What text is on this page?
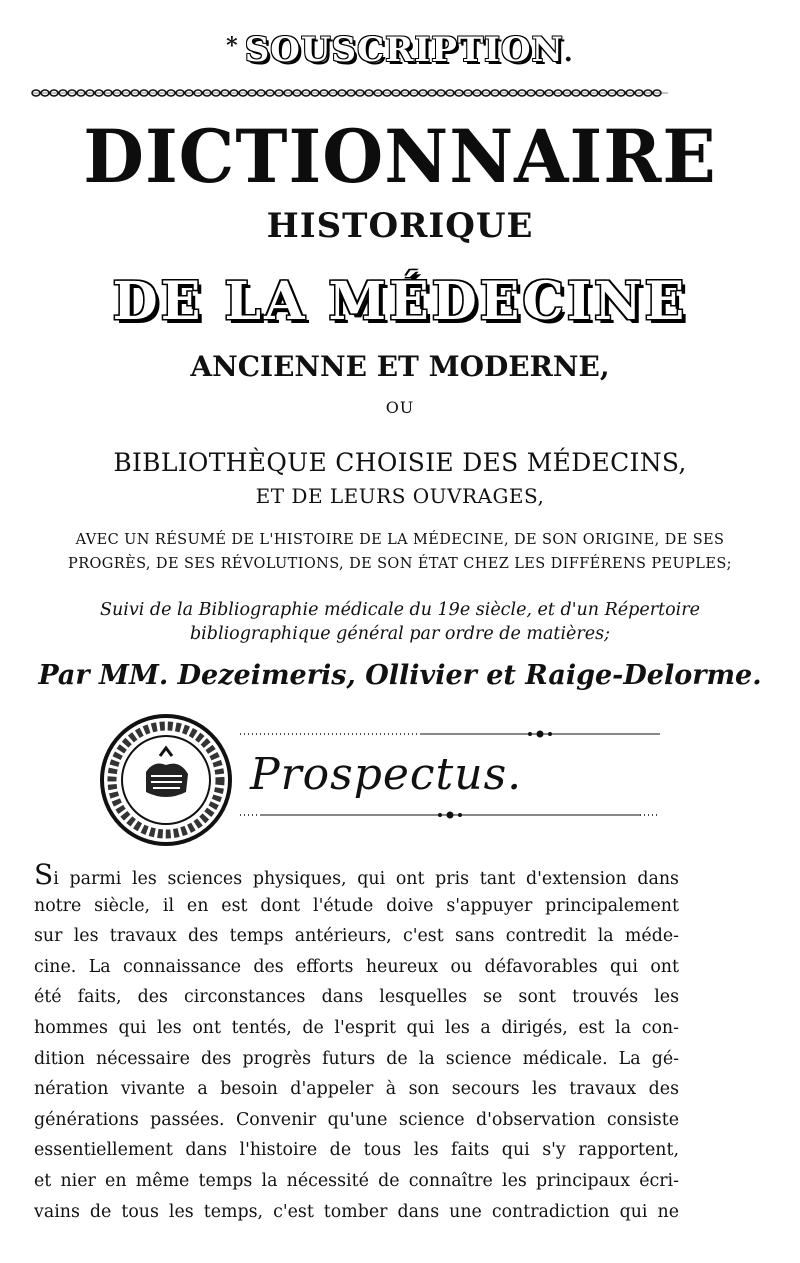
* SOUSCRIPTION.
DICTIONNAIRE
HISTORIQUE
DE LA MÉDECINE
ANCIENNE ET MODERNE,
OU
BIBLIOTHÈQUE CHOISIE DES MÉDECINS,
ET DE LEURS OUVRAGES,
AVEC UN RÉSUMÉ DE L'HISTOIRE DE LA MÉDECINE, DE SON ORIGINE, DE SES
PROGRÈS, DE SES RÉVOLUTIONS, DE SON ÉTAT CHEZ LES DIFFÉRENS PEUPLES;
Suivi de la Bibliographie médicale du 19e siècle, et d'un Répertoire
bibliographique général par ordre de matières;
Par MM. Dezeimeris, Ollivier et Raige-Delorme.
Prospectus.
Si parmi les sciences physiques, qui ont pris tant d'extension dans
notre siècle, il en est dont l'étude doive s'appuyer principalement
sur les travaux des temps antérieurs, c'est sans contredit la méde-
cine. La connaissance des efforts heureux ou défavorables qui ont
été faits, des circonstances dans lesquelles se sont trouvés les
hommes qui les ont tentés, de l'esprit qui les a dirigés, est la con-
dition nécessaire des progrès futurs de la science médicale. La gé-
nération vivante a besoin d'appeler à son secours les travaux des
générations passées. Convenir qu'une science d'observation consiste
essentiellement dans l'histoire de tous les faits qui s'y rapportent,
et nier en même temps la nécessité de connaître les principaux écri-
vains de tous les temps, c'est tomber dans une contradiction qui ne
